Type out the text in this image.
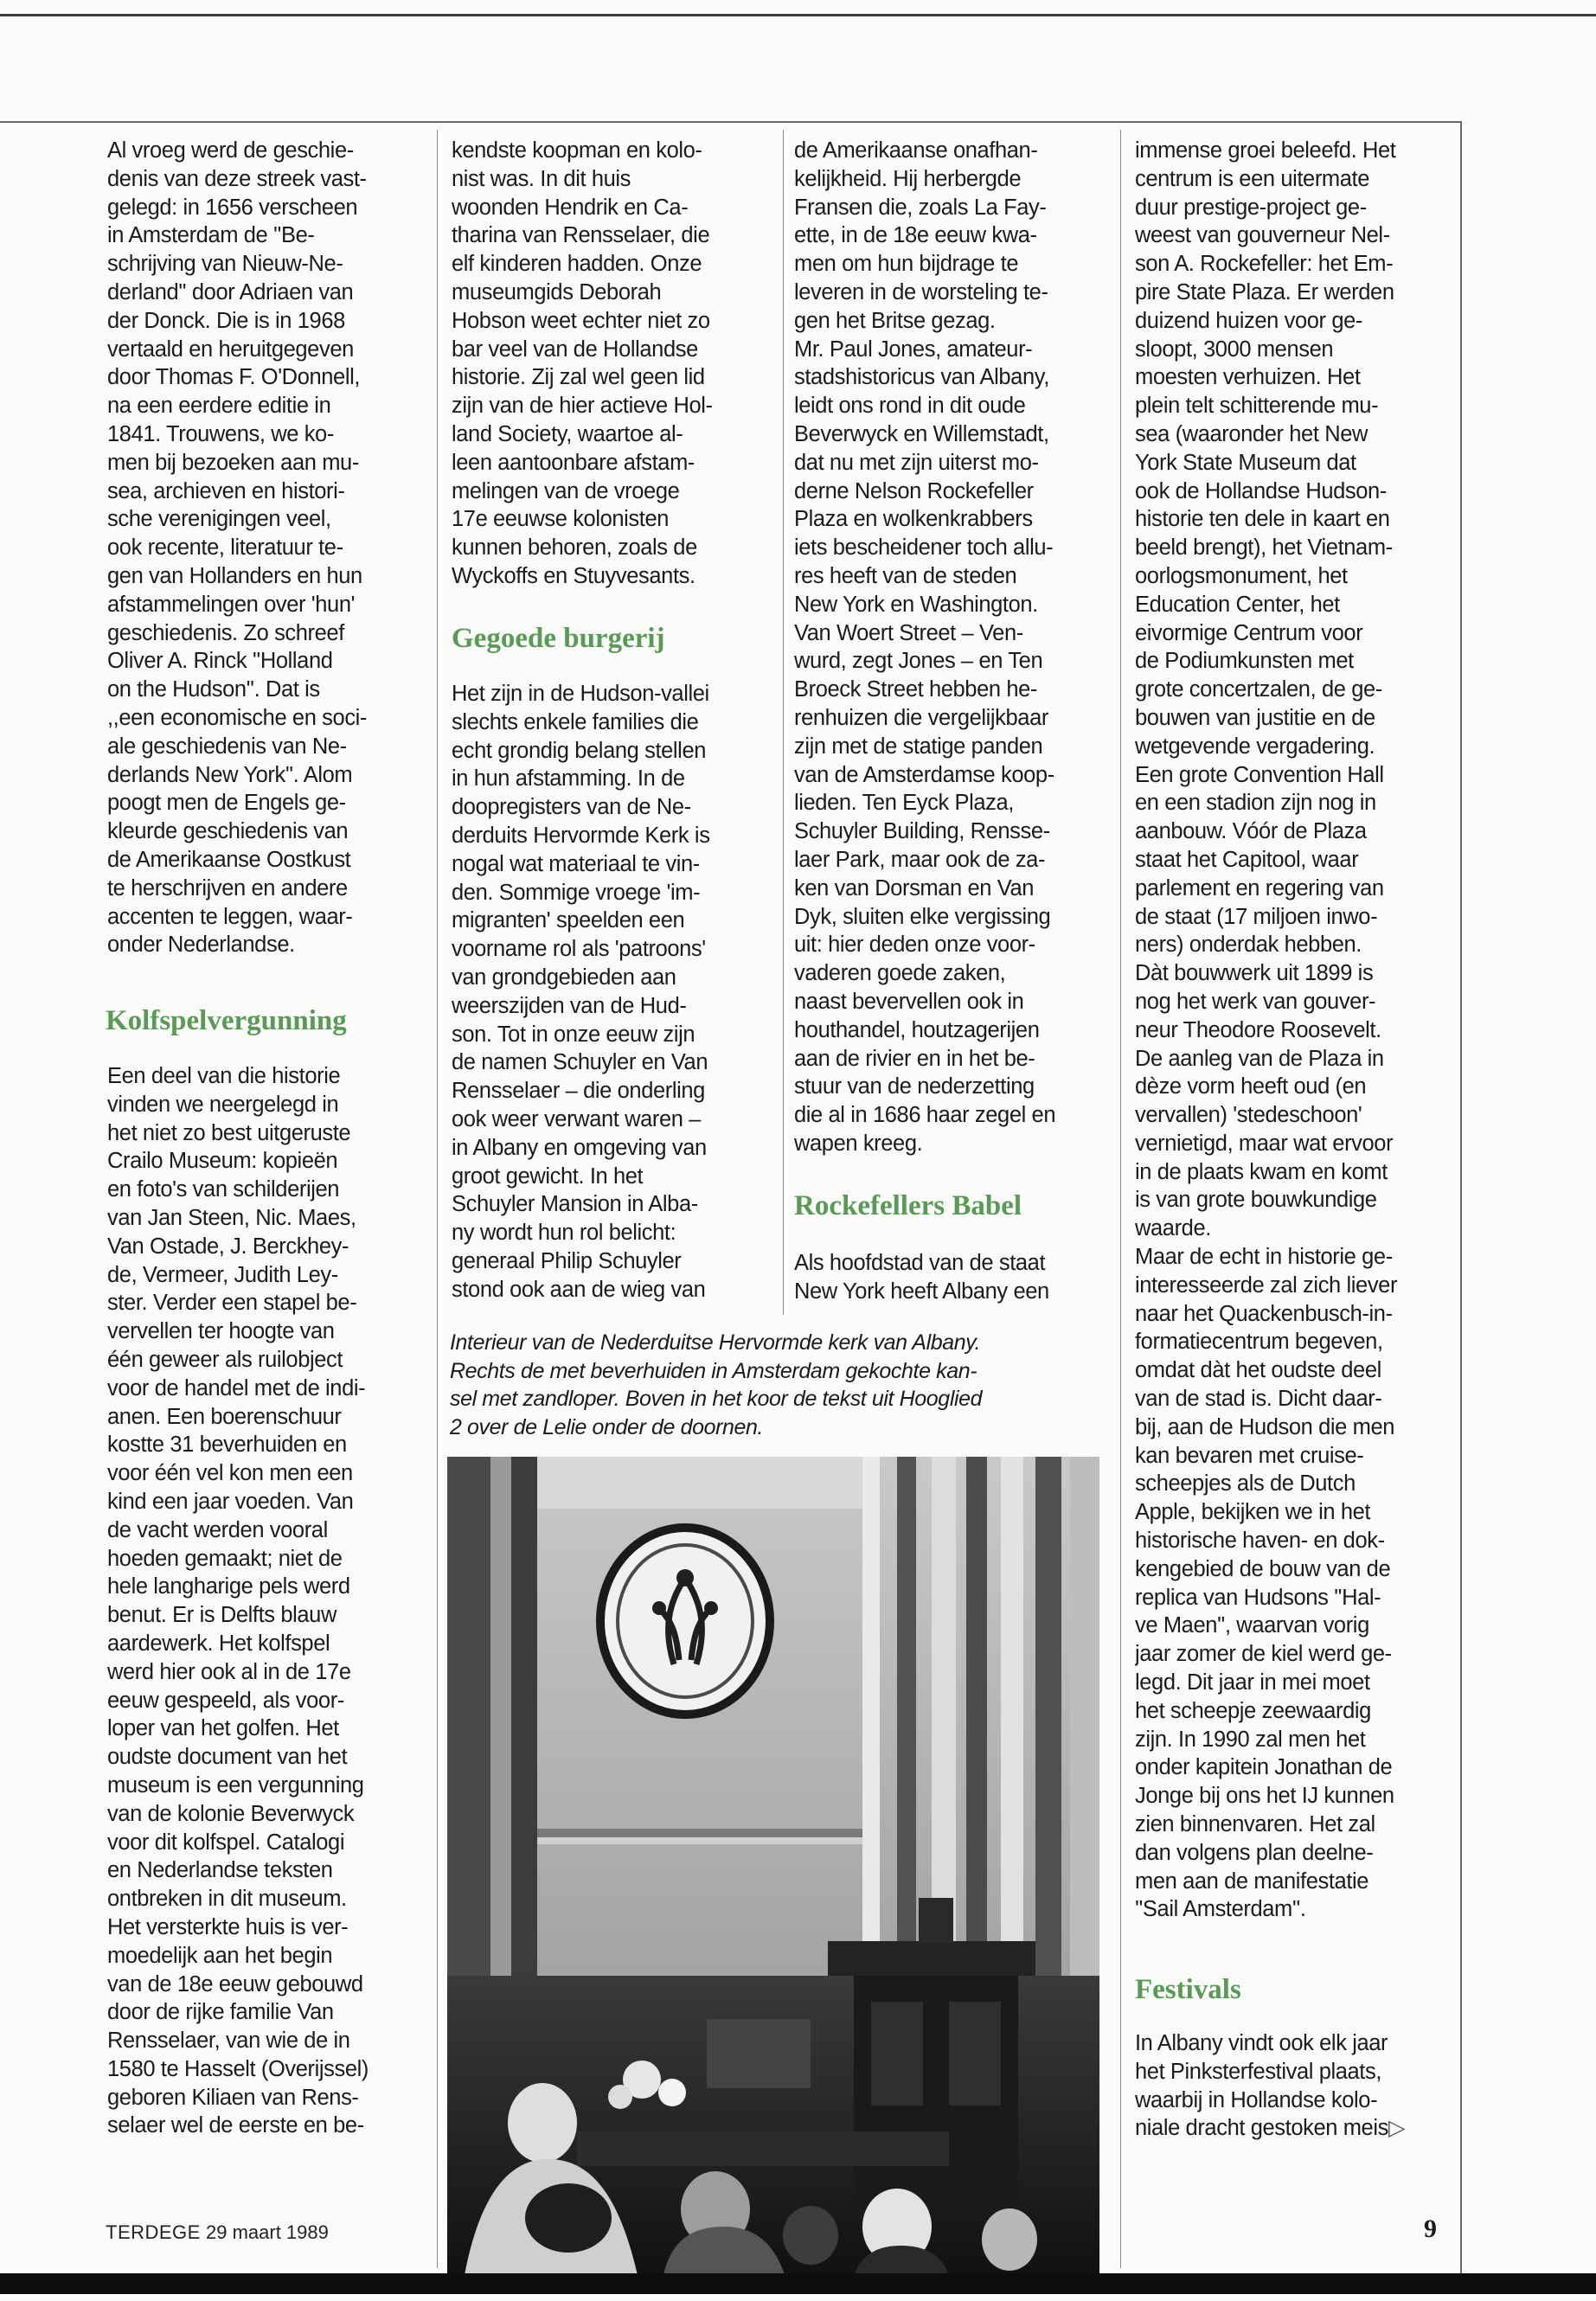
Al vroeg werd de geschie-
denis van deze streek vast-
gelegd: in 1656 verscheen
in Amsterdam de ''Be-
schrijving van Nieuw-Ne-
derland'' door Adriaen van
der Donck. Die is in 1968
vertaald en heruitgegeven
door Thomas F. O'Donnell,
na een eerdere editie in
1841. Trouwens, we ko-
men bij bezoeken aan mu-
sea, archieven en histori-
sche verenigingen veel,
ook recente, literatuur te-
gen van Hollanders en hun
afstammelingen over 'hun'
geschiedenis. Zo schreef
Oliver A. Rinck ''Holland
on the Hudson''. Dat is
,,een economische en soci-
ale geschiedenis van Ne-
derlands New York''. Alom
poogt men de Engels ge-
kleurde geschiedenis van
de Amerikaanse Oostkust
te herschrijven en andere
accenten te leggen, waar-
onder Nederlandse.
Kolfspelvergunning
Een deel van die historie
vinden we neergelegd in
het niet zo best uitgeruste
Crailo Museum: kopieën
en foto's van schilderijen
van Jan Steen, Nic. Maes,
Van Ostade, J. Berckhey-
de, Vermeer, Judith Ley-
ster. Verder een stapel be-
vervellen ter hoogte van
één geweer als ruilobject
voor de handel met de indi-
anen. Een boerenschuur
kostte 31 beverhuiden en
voor één vel kon men een
kind een jaar voeden. Van
de vacht werden vooral
hoeden gemaakt; niet de
hele langharige pels werd
benut. Er is Delfts blauw
aardewerk. Het kolfspel
werd hier ook al in de 17e
eeuw gespeeld, als voor-
loper van het golfen. Het
oudste document van het
museum is een vergunning
van de kolonie Beverwyck
voor dit kolfspel. Catalogi
en Nederlandse teksten
ontbreken in dit museum.
Het versterkte huis is ver-
moedelijk aan het begin
van de 18e eeuw gebouwd
door de rijke familie Van
Rensselaer, van wie de in
1580 te Hasselt (Overijssel)
geboren Kiliaen van Rens-
selaer wel de eerste en be-
kendste koopman en kolo-
nist was. In dit huis
woonden Hendrik en Ca-
tharina van Rensselaer, die
elf kinderen hadden. Onze
museumgids Deborah
Hobson weet echter niet zo
bar veel van de Hollandse
historie. Zij zal wel geen lid
zijn van de hier actieve Hol-
land Society, waartoe al-
leen aantoonbare afstam-
melingen van de vroege
17e eeuwse kolonisten
kunnen behoren, zoals de
Wyckoffs en Stuyvesants.
Gegoede burgerij
Het zijn in de Hudson-vallei
slechts enkele families die
echt grondig belang stellen
in hun afstamming. In de
doopregisters van de Ne-
derduits Hervormde Kerk is
nogal wat materiaal te vin-
den. Sommige vroege 'im-
migranten' speelden een
voorname rol als 'patroons'
van grondgebieden aan
weerszijden van de Hud-
son. Tot in onze eeuw zijn
de namen Schuyler en Van
Rensselaer – die onderling
ook weer verwant waren –
in Albany en omgeving van
groot gewicht. In het
Schuyler Mansion in Alba-
ny wordt hun rol belicht:
generaal Philip Schuyler
stond ook aan de wieg van
de Amerikaanse onafhan-
kelijkheid. Hij herbergde
Fransen die, zoals La Fay-
ette, in de 18e eeuw kwa-
men om hun bijdrage te
leveren in de worsteling te-
gen het Britse gezag.
Mr. Paul Jones, amateur-
stadshistoricus van Albany,
leidt ons rond in dit oude
Beverwyck en Willemstadt,
dat nu met zijn uiterst mo-
derne Nelson Rockefeller
Plaza en wolkenkrabbers
iets bescheidener toch allu-
res heeft van de steden
New York en Washington.
Van Woert Street – Ven-
wurd, zegt Jones – en Ten
Broeck Street hebben he-
renhuizen die vergelijkbaar
zijn met de statige panden
van de Amsterdamse koop-
lieden. Ten Eyck Plaza,
Schuyler Building, Rensse-
laer Park, maar ook de za-
ken van Dorsman en Van
Dyk, sluiten elke vergissing
uit: hier deden onze voor-
vaderen goede zaken,
naast bevervellen ook in
houthandel, houtzagerijen
aan de rivier en in het be-
stuur van de nederzetting
die al in 1686 haar zegel en
wapen kreeg.
Rockefellers Babel
Als hoofdstad van de staat
New York heeft Albany een
immense groei beleefd. Het
centrum is een uitermate
duur prestige-project ge-
weest van gouverneur Nel-
son A. Rockefeller: het Em-
pire State Plaza. Er werden
duizend huizen voor ge-
sloopt, 3000 mensen
moesten verhuizen. Het
plein telt schitterende mu-
sea (waaronder het New
York State Museum dat
ook de Hollandse Hudson-
historie ten dele in kaart en
beeld brengt), het Vietnam-
oorlogsmonument, het
Education Center, het
eivormige Centrum voor
de Podiumkunsten met
grote concertzalen, de ge-
bouwen van justitie en de
wetgevende vergadering.
Een grote Convention Hall
en een stadion zijn nog in
aanbouw. Vóór de Plaza
staat het Capitool, waar
parlement en regering van
de staat (17 miljoen inwo-
ners) onderdak hebben.
Dàt bouwwerk uit 1899 is
nog het werk van gouver-
neur Theodore Roosevelt.
De aanleg van de Plaza in
dèze vorm heeft oud (en
vervallen) 'stedeschoon'
vernietigd, maar wat ervoor
in de plaats kwam en komt
is van grote bouwkundige
waarde.
Maar de echt in historie ge-
interesseerde zal zich liever
naar het Quackenbusch-in-
formatiecentrum begeven,
omdat dàt het oudste deel
van de stad is. Dicht daar-
bij, aan de Hudson die men
kan bevaren met cruise-
scheepjes als de Dutch
Apple, bekijken we in het
historische haven- en dok-
kengebied de bouw van de
replica van Hudsons ''Hal-
ve Maen'', waarvan vorig
jaar zomer de kiel werd ge-
legd. Dit jaar in mei moet
het scheepje zeewaardig
zijn. In 1990 zal men het
onder kapitein Jonathan de
Jonge bij ons het IJ kunnen
zien binnenvaren. Het zal
dan volgens plan deelne-
men aan de manifestatie
''Sail Amsterdam''.
Festivals
In Albany vindt ook elk jaar
het Pinksterfestival plaats,
waarbij in Hollandse kolo-
niale dracht gestoken meis▷
Interieur van de Nederduitse Hervormde kerk van Albany.
Rechts de met beverhuiden in Amsterdam gekochte kan-
sel met zandloper. Boven in het koor de tekst uit Hooglied
2 over de Lelie onder de doornen.
TERDEGE 29 maart 1989	9
